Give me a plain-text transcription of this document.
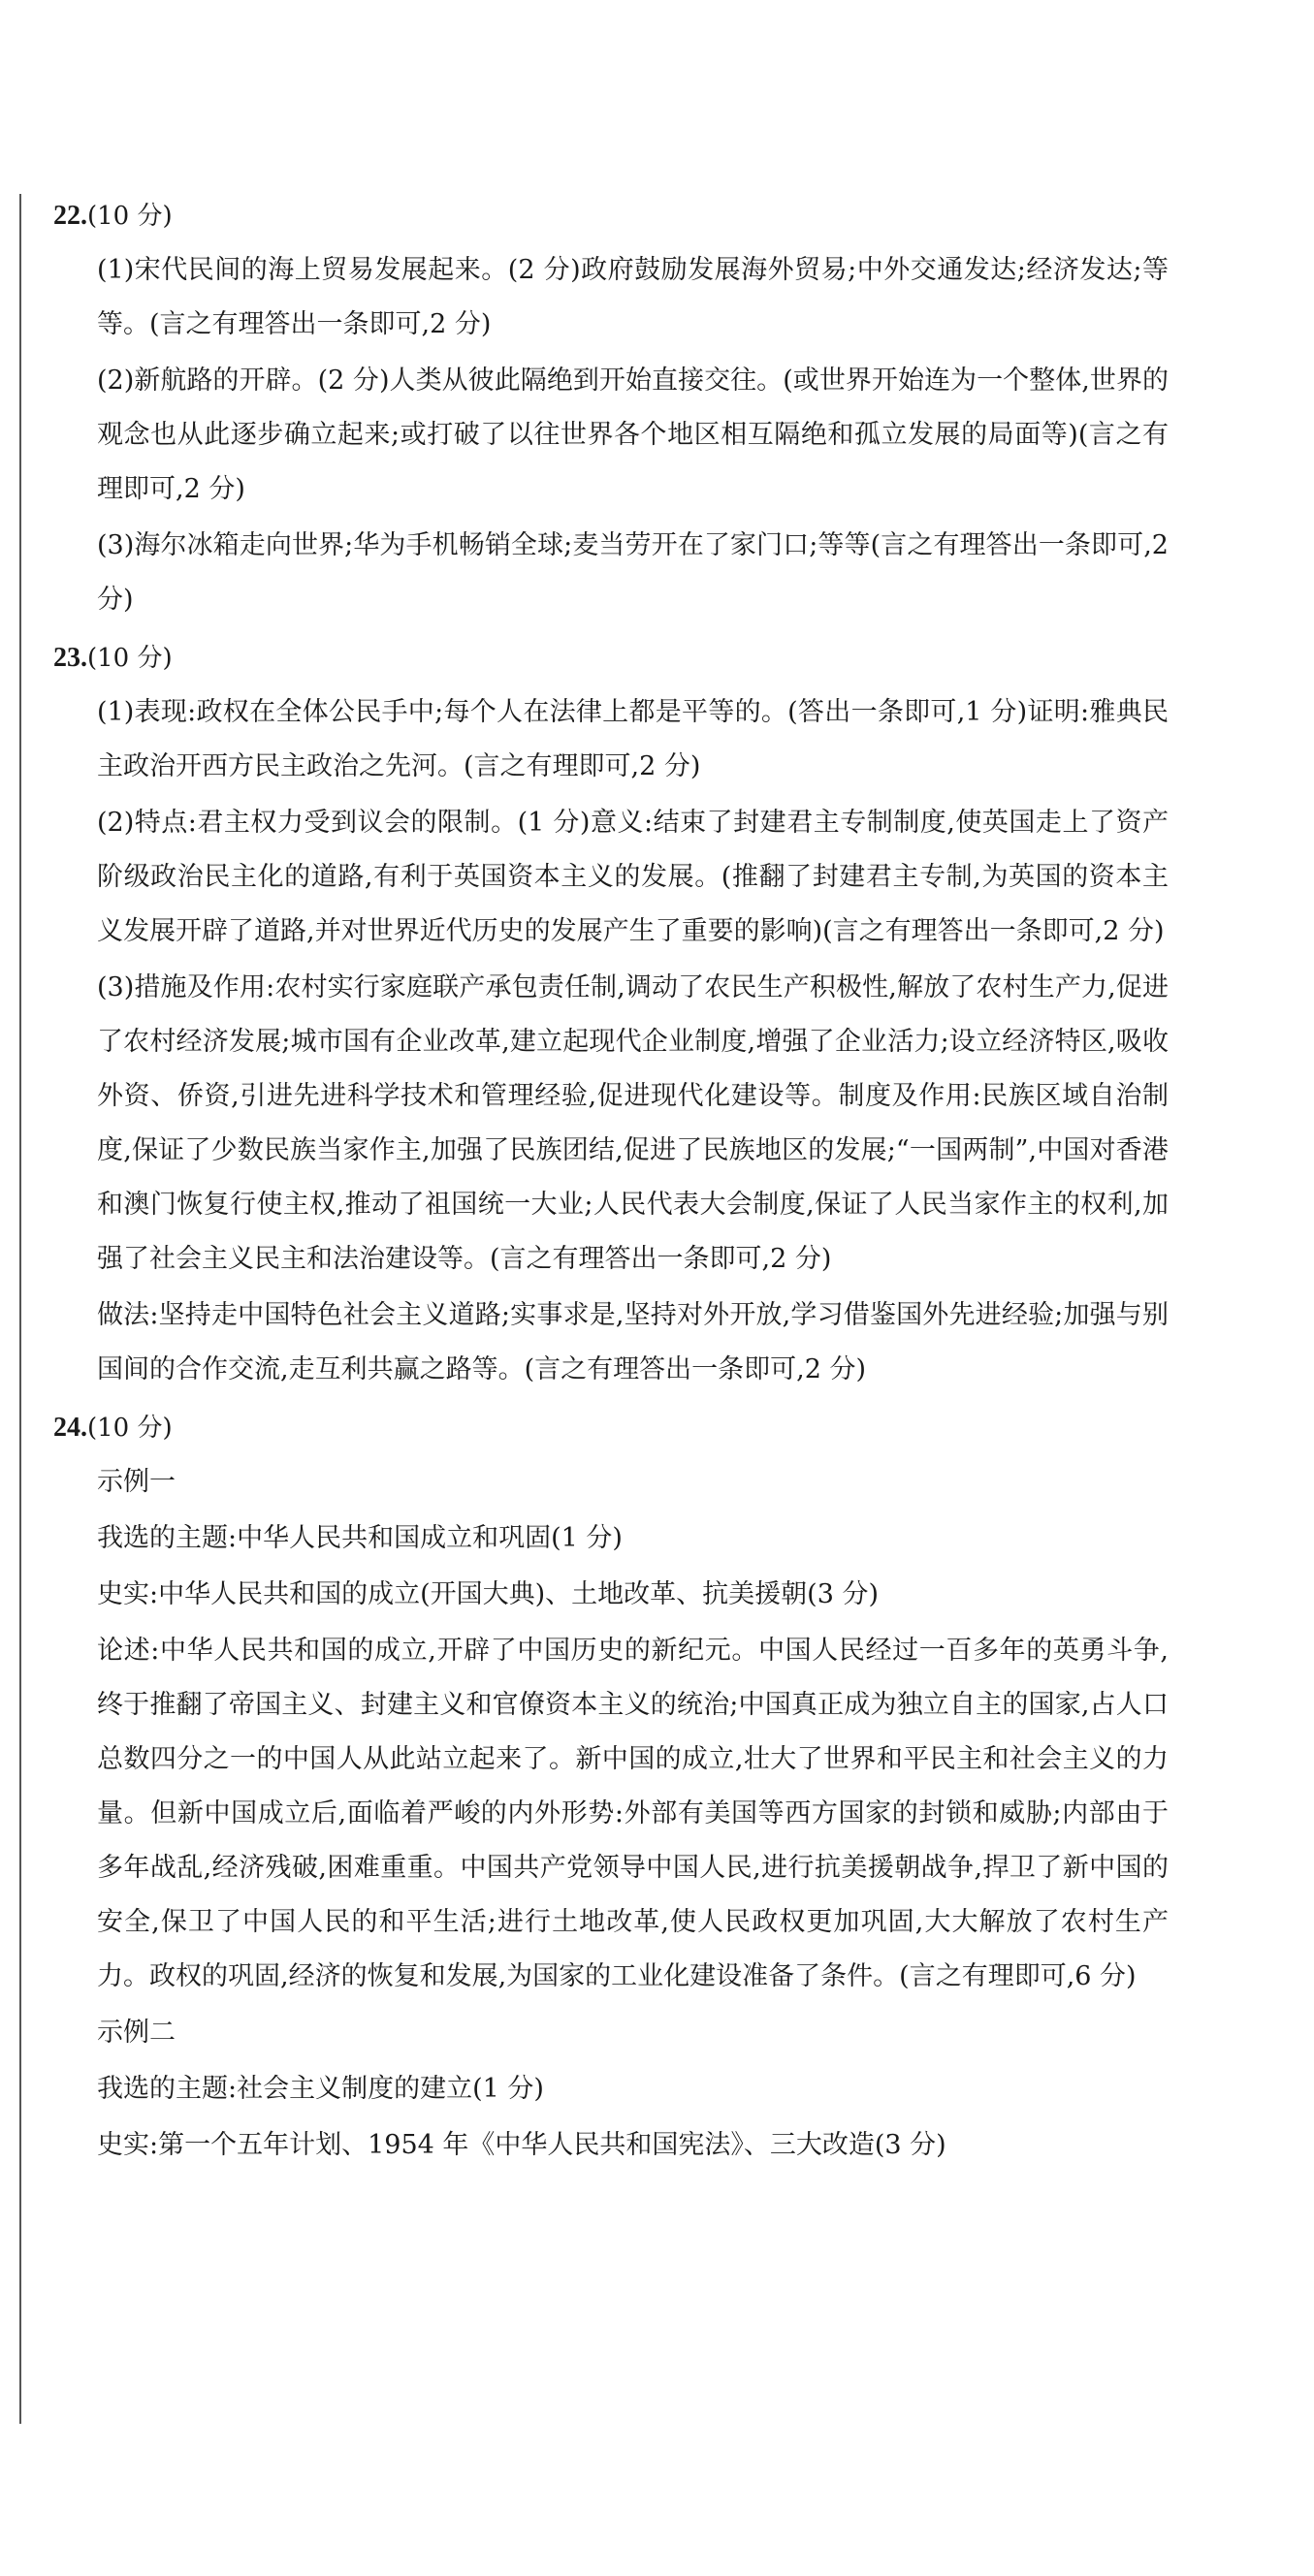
22.(10 分)
(1)宋代民间的海上贸易发展起来。(2 分)政府鼓励发展海外贸易;中外交通发达;经济发达;等等。(言之有理答出一条即可,2 分)
(2)新航路的开辟。(2 分)人类从彼此隔绝到开始直接交往。(或世界开始连为一个整体,世界的观念也从此逐步确立起来;或打破了以往世界各个地区相互隔绝和孤立发展的局面等)(言之有理即可,2 分)
(3)海尔冰箱走向世界;华为手机畅销全球;麦当劳开在了家门口;等等(言之有理答出一条即可,2 分)
23.(10 分)
(1)表现:政权在全体公民手中;每个人在法律上都是平等的。(答出一条即可,1 分)证明:雅典民主政治开西方民主政治之先河。(言之有理即可,2 分)
(2)特点:君主权力受到议会的限制。(1 分)意义:结束了封建君主专制制度,使英国走上了资产阶级政治民主化的道路,有利于英国资本主义的发展。(推翻了封建君主专制,为英国的资本主义发展开辟了道路,并对世界近代历史的发展产生了重要的影响)(言之有理答出一条即可,2 分)
(3)措施及作用:农村实行家庭联产承包责任制,调动了农民生产积极性,解放了农村生产力,促进了农村经济发展;城市国有企业改革,建立起现代企业制度,增强了企业活力;设立经济特区,吸收外资、侨资,引进先进科学技术和管理经验,促进现代化建设等。制度及作用:民族区域自治制度,保证了少数民族当家作主,加强了民族团结,促进了民族地区的发展;“一国两制”,中国对香港和澳门恢复行使主权,推动了祖国统一大业;人民代表大会制度,保证了人民当家作主的权利,加强了社会主义民主和法治建设等。(言之有理答出一条即可,2 分)
做法:坚持走中国特色社会主义道路;实事求是,坚持对外开放,学习借鉴国外先进经验;加强与别国间的合作交流,走互利共赢之路等。(言之有理答出一条即可,2 分)
24.(10 分)
示例一
我选的主题:中华人民共和国成立和巩固(1 分)
史实:中华人民共和国的成立(开国大典)、土地改革、抗美援朝(3 分)
论述:中华人民共和国的成立,开辟了中国历史的新纪元。中国人民经过一百多年的英勇斗争,终于推翻了帝国主义、封建主义和官僚资本主义的统治;中国真正成为独立自主的国家,占人口总数四分之一的中国人从此站立起来了。新中国的成立,壮大了世界和平民主和社会主义的力量。但新中国成立后,面临着严峻的内外形势:外部有美国等西方国家的封锁和威胁;内部由于多年战乱,经济残破,困难重重。中国共产党领导中国人民,进行抗美援朝战争,捍卫了新中国的安全,保卫了中国人民的和平生活;进行土地改革,使人民政权更加巩固,大大解放了农村生产力。政权的巩固,经济的恢复和发展,为国家的工业化建设准备了条件。(言之有理即可,6 分)
示例二
我选的主题:社会主义制度的建立(1 分)
史实:第一个五年计划、1954 年《中华人民共和国宪法》、三大改造(3 分)
